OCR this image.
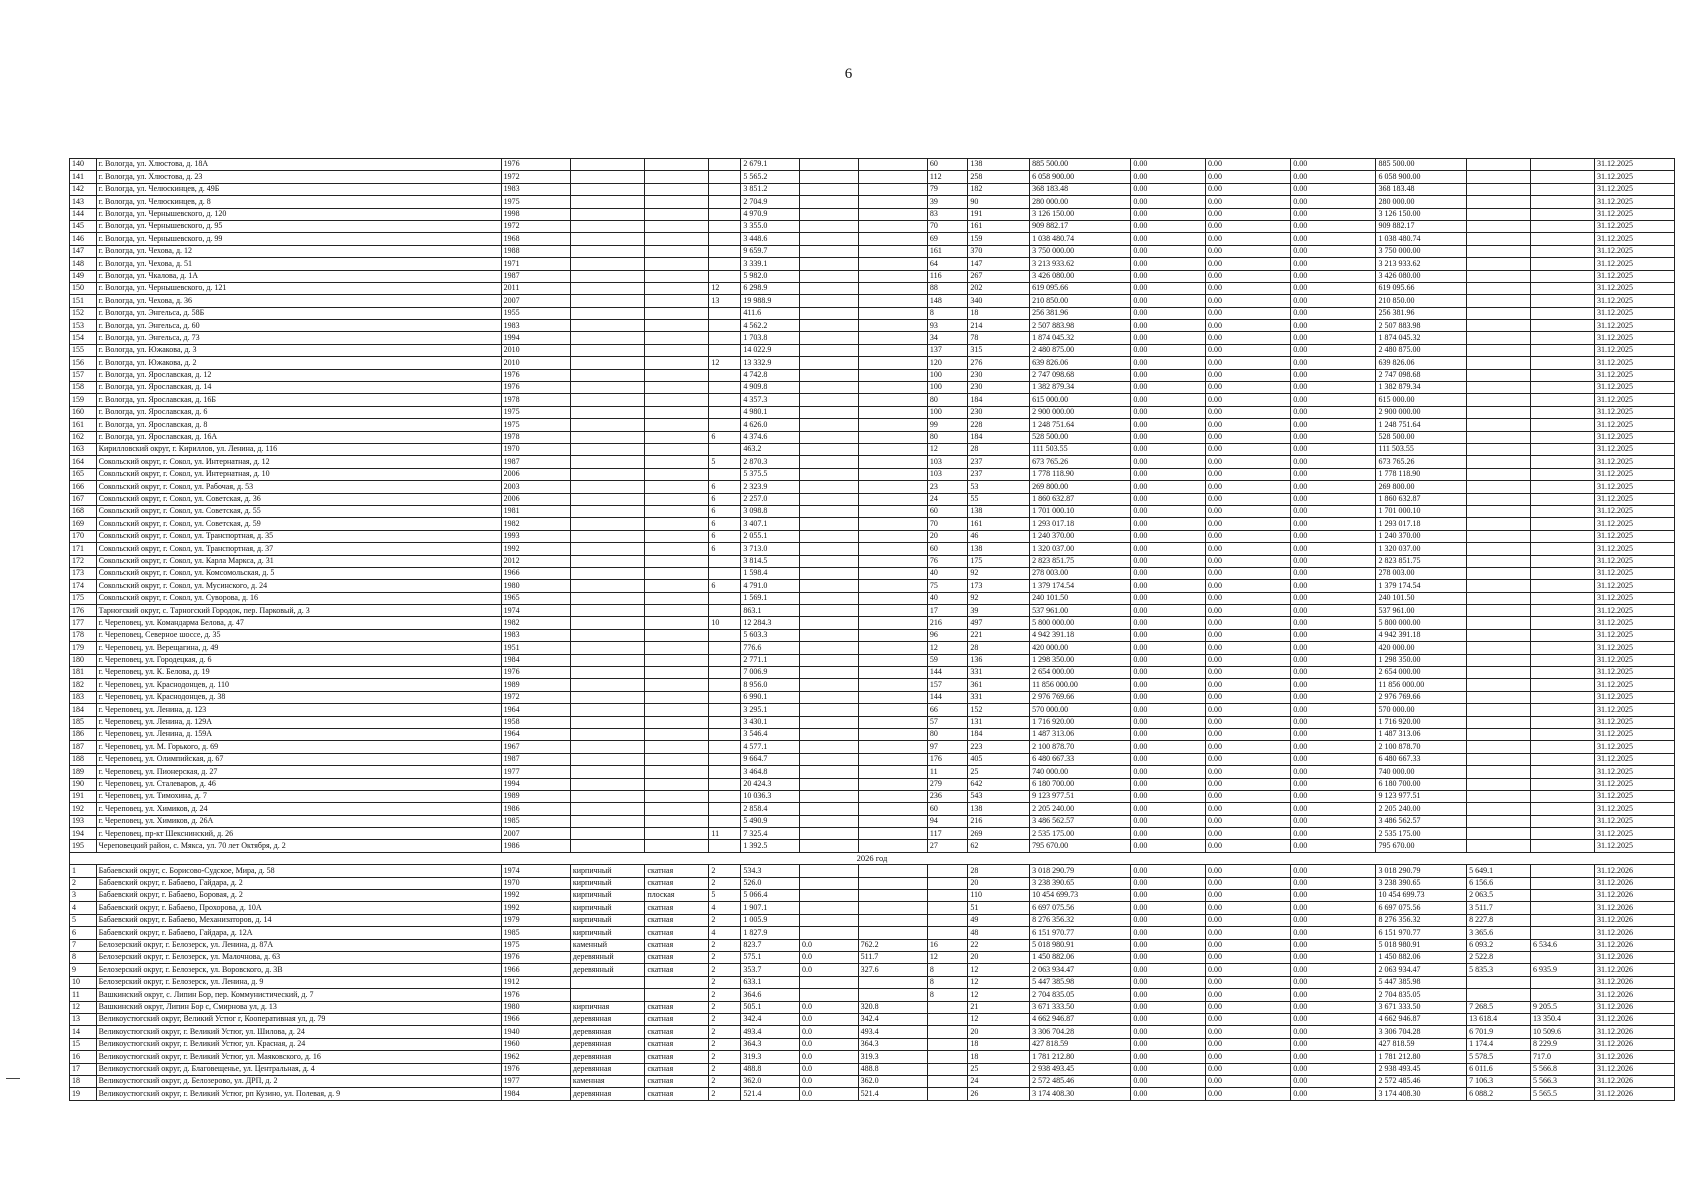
6
140	г. Вологда, ул. Хлюстова, д. 18А	1976				2 679.1			60	138	885 500.00	0.00	0.00	0.00	885 500.00			31.12.2025
141	г. Вологда, ул. Хлюстова, д. 23	1972				5 565.2			112	258	6 058 900.00	0.00	0.00	0.00	6 058 900.00			31.12.2025
142	г. Вологда, ул. Челюскинцев, д. 49Б	1983				3 851.2			79	182	368 183.48	0.00	0.00	0.00	368 183.48			31.12.2025
143	г. Вологда, ул. Челюскинцев, д. 8	1975				2 704.9			39	90	280 000.00	0.00	0.00	0.00	280 000.00			31.12.2025
144	г. Вологда, ул. Чернышевского, д. 120	1998				4 970.9			83	191	3 126 150.00	0.00	0.00	0.00	3 126 150.00			31.12.2025
145	г. Вологда, ул. Чернышевского, д. 95	1972				3 355.0			70	161	909 882.17	0.00	0.00	0.00	909 882.17			31.12.2025
146	г. Вологда, ул. Чернышевского, д. 99	1968				3 448.6			69	159	1 038 480.74	0.00	0.00	0.00	1 038 480.74			31.12.2025
147	г. Вологда, ул. Чехова, д. 12	1988				9 659.7			161	370	3 750 000.00	0.00	0.00	0.00	3 750 000.00			31.12.2025
148	г. Вологда, ул. Чехова, д. 51	1971				3 339.1			64	147	3 213 933.62	0.00	0.00	0.00	3 213 933.62			31.12.2025
149	г. Вологда, ул. Чкалова, д. 1А	1987				5 982.0			116	267	3 426 080.00	0.00	0.00	0.00	3 426 080.00			31.12.2025
150	г. Вологда, ул. Чернышевского, д. 121	2011			12	6 298.9			88	202	619 095.66	0.00	0.00	0.00	619 095.66			31.12.2025
151	г. Вологда, ул. Чехова, д. 36	2007			13	19 988.9			148	340	210 850.00	0.00	0.00	0.00	210 850.00			31.12.2025
152	г. Вологда, ул. Энгельса, д. 58Б	1955				411.6			8	18	256 381.96	0.00	0.00	0.00	256 381.96			31.12.2025
153	г. Вологда, ул. Энгельса, д. 60	1983				4 562.2			93	214	2 507 883.98	0.00	0.00	0.00	2 507 883.98			31.12.2025
154	г. Вологда, ул. Энгельса, д. 73	1994				1 703.8			34	78	1 874 045.32	0.00	0.00	0.00	1 874 045.32			31.12.2025
155	г. Вологда, ул. Южакова, д. 3	2010				14 022.9			137	315	2 480 875.00	0.00	0.00	0.00	2 480 875.00			31.12.2025
156	г. Вологда, ул. Южакова, д. 2	2010			12	13 332.9			120	276	639 826.06	0.00	0.00	0.00	639 826.06			31.12.2025
157	г. Вологда, ул. Ярославская, д. 12	1976				4 742.8			100	230	2 747 098.68	0.00	0.00	0.00	2 747 098.68			31.12.2025
158	г. Вологда, ул. Ярославская, д. 14	1976				4 909.8			100	230	1 382 879.34	0.00	0.00	0.00	1 382 879.34			31.12.2025
159	г. Вологда, ул. Ярославская, д. 16Б	1978				4 357.3			80	184	615 000.00	0.00	0.00	0.00	615 000.00			31.12.2025
160	г. Вологда, ул. Ярославская, д. 6	1975				4 980.1			100	230	2 900 000.00	0.00	0.00	0.00	2 900 000.00			31.12.2025
161	г. Вологда, ул. Ярославская, д. 8	1975				4 626.0			99	228	1 248 751.64	0.00	0.00	0.00	1 248 751.64			31.12.2025
162	г. Вологда, ул. Ярославская, д. 16А	1978			6	4 374.6			80	184	528 500.00	0.00	0.00	0.00	528 500.00			31.12.2025
163	Кирилловский округ, г. Кириллов, ул. Ленина, д. 116	1970				463.2			12	28	111 503.55	0.00	0.00	0.00	111 503.55			31.12.2025
164	Сокольский округ, г. Сокол, ул. Интернатная, д. 12	1987			5	2 870.3			103	237	673 765.26	0.00	0.00	0.00	673 765.26			31.12.2025
165	Сокольский округ, г. Сокол, ул. Интернатная, д. 10	2006				5 375.5			103	237	1 778 118.90	0.00	0.00	0.00	1 778 118.90			31.12.2025
166	Сокольский округ, г. Сокол, ул. Рабочая, д. 53	2003			6	2 323.9			23	53	269 800.00	0.00	0.00	0.00	269 800.00			31.12.2025
167	Сокольский округ, г. Сокол, ул. Советская, д. 36	2006			6	2 257.0			24	55	1 860 632.87	0.00	0.00	0.00	1 860 632.87			31.12.2025
168	Сокольский округ, г. Сокол, ул. Советская, д. 55	1981			6	3 098.8			60	138	1 701 000.10	0.00	0.00	0.00	1 701 000.10			31.12.2025
169	Сокольский округ, г. Сокол, ул. Советская, д. 59	1982			6	3 407.1			70	161	1 293 017.18	0.00	0.00	0.00	1 293 017.18			31.12.2025
170	Сокольский округ, г. Сокол, ул. Транспортная, д. 35	1993			6	2 055.1			20	46	1 240 370.00	0.00	0.00	0.00	1 240 370.00			31.12.2025
171	Сокольский округ, г. Сокол, ул. Транспортная, д. 37	1992			6	3 713.0			60	138	1 320 037.00	0.00	0.00	0.00	1 320 037.00			31.12.2025
172	Сокольский округ, г. Сокол, ул. Карла Маркса, д. 31	2012				3 814.5			76	175	2 823 851.75	0.00	0.00	0.00	2 823 851.75			31.12.2025
173	Сокольский округ, г. Сокол, ул. Комсомольская, д. 5	1966				1 598.4			40	92	278 003.00	0.00	0.00	0.00	278 003.00			31.12.2025
174	Сокольский округ, г. Сокол, ул. Мусинского, д. 24	1980			6	4 791.0			75	173	1 379 174.54	0.00	0.00	0.00	1 379 174.54			31.12.2025
175	Сокольский округ, г. Сокол, ул. Суворова, д. 16	1965				1 569.1			40	92	240 101.50	0.00	0.00	0.00	240 101.50			31.12.2025
176	Тарногский округ, с. Тарногский Городок, пер. Парковый, д. 3	1974				863.1			17	39	537 961.00	0.00	0.00	0.00	537 961.00			31.12.2025
177	г. Череповец, ул. Командарма Белова, д. 47	1982			10	12 284.3			216	497	5 800 000.00	0.00	0.00	0.00	5 800 000.00			31.12.2025
178	г. Череповец, Северное шоссе, д. 35	1983				5 603.3			96	221	4 942 391.18	0.00	0.00	0.00	4 942 391.18			31.12.2025
179	г. Череповец, ул. Верещагина, д. 49	1951				776.6			12	28	420 000.00	0.00	0.00	0.00	420 000.00			31.12.2025
180	г. Череповец, ул. Городецкая, д. 6	1984				2 771.1			59	136	1 298 350.00	0.00	0.00	0.00	1 298 350.00			31.12.2025
181	г. Череповец, ул. К. Белова, д. 19	1976				7 006.9			144	331	2 654 000.00	0.00	0.00	0.00	2 654 000.00			31.12.2025
182	г. Череповец, ул. Краснодонцев, д. 110	1989				8 956.0			157	361	11 856 000.00	0.00	0.00	0.00	11 856 000.00			31.12.2025
183	г. Череповец, ул. Краснодонцев, д. 38	1972				6 990.1			144	331	2 976 769.66	0.00	0.00	0.00	2 976 769.66			31.12.2025
184	г. Череповец, ул. Ленина, д. 123	1964				3 295.1			66	152	570 000.00	0.00	0.00	0.00	570 000.00			31.12.2025
185	г. Череповец, ул. Ленина, д. 129А	1958				3 430.1			57	131	1 716 920.00	0.00	0.00	0.00	1 716 920.00			31.12.2025
186	г. Череповец, ул. Ленина, д. 159А	1964				3 546.4			80	184	1 487 313.06	0.00	0.00	0.00	1 487 313.06			31.12.2025
187	г. Череповец, ул. М. Горького, д. 69	1967				4 577.1			97	223	2 100 878.70	0.00	0.00	0.00	2 100 878.70			31.12.2025
188	г. Череповец, ул. Олимпийская, д. 67	1987				9 664.7			176	405	6 480 667.33	0.00	0.00	0.00	6 480 667.33			31.12.2025
189	г. Череповец, ул. Пионерская, д. 27	1977				3 464.8			11	25	740 000.00	0.00	0.00	0.00	740 000.00			31.12.2025
190	г. Череповец, ул. Сталеваров, д. 46	1994				20 424.3			279	642	6 180 700.00	0.00	0.00	0.00	6 180 700.00			31.12.2025
191	г. Череповец, ул. Тимохина, д. 7	1989				10 036.3			236	543	9 123 977.51	0.00	0.00	0.00	9 123 977.51			31.12.2025
192	г. Череповец, ул. Химиков, д. 24	1986				2 858.4			60	138	2 205 240.00	0.00	0.00	0.00	2 205 240.00			31.12.2025
193	г. Череповец, ул. Химиков, д. 26А	1985				5 490.9			94	216	3 486 562.57	0.00	0.00	0.00	3 486 562.57			31.12.2025
194	г. Череповец, пр-кт Шекснинский, д. 26	2007			11	7 325.4			117	269	2 535 175.00	0.00	0.00	0.00	2 535 175.00			31.12.2025
195	Череповецкий район, с. Мякса, ул. 70 лет Октября, д. 2	1986				1 392.5			27	62	795 670.00	0.00	0.00	0.00	795 670.00			31.12.2025
2026 год																		
1	Бабаевский округ, с. Борисово-Судское, Мира, д. 58	1974	кирпичный	скатная	2	534.3				28	3 018 290.79	0.00	0.00	0.00	3 018 290.79	5 649.1		31.12.2026
2	Бабаевский округ, г. Бабаево, Гайдара, д. 2	1970	кирпичный	скатная	2	526.0				20	3 238 390.65	0.00	0.00	0.00	3 238 390.65	6 156.6		31.12.2026
3	Бабаевский округ, г. Бабаево, Боровая, д. 2	1992	кирпичный	плоская	5	5 066.4				110	10 454 699.73	0.00	0.00	0.00	10 454 699.73	2 063.5		31.12.2026
4	Бабаевский округ, г. Бабаево, Прохорова, д. 10А	1992	кирпичный	скатная	4	1 907.1				51	6 697 075.56	0.00	0.00	0.00	6 697 075.56	3 511.7		31.12.2026
5	Бабаевский округ, г. Бабаево, Механизаторов, д. 14	1979	кирпичный	скатная	2	1 005.9				49	8 276 356.32	0.00	0.00	0.00	8 276 356.32	8 227.8		31.12.2026
6	Бабаевский округ, г. Бабаево, Гайдара, д. 12А	1985	кирпичный	скатная	4	1 827.9				48	6 151 970.77	0.00	0.00	0.00	6 151 970.77	3 365.6		31.12.2026
7	Белозерский округ, г. Белозерск, ул. Ленина, д. 87А	1975	каменный	скатная	2	823.7	0.0	762.2	16	22	5 018 980.91	0.00	0.00	0.00	5 018 980.91	6 093.2	6 534.6	31.12.2026
8	Белозерский округ, г. Белозерск, ул. Малочнова, д. 63	1976	деревянный	скатная	2	575.1	0.0	511.7	12	20	1 450 882.06	0.00	0.00	0.00	1 450 882.06	2 522.8		31.12.2026
9	Белозерский округ, г. Белозерск, ул. Воровского, д. 3В	1966	деревянный	скатная	2	353.7	0.0	327.6	8	12	2 063 934.47	0.00	0.00	0.00	2 063 934.47	5 835.3	6 935.9	31.12.2026
10	Белозерский округ, г. Белозерск, ул. Ленина, д. 9	1912			2	633.1			8	12	5 447 385.98	0.00	0.00	0.00	5 447 385.98			31.12.2026
11	Вашкинский округ, с. Липин Бор, пер. Коммунистический, д. 7	1976			2	364.6			8	12	2 704 835.05	0.00	0.00	0.00	2 704 835.05			31.12.2026
12	Вашкинский округ, Липин Бор с, Смирнова ул, д. 13	1980	кирпичная	скатная	2	505.1	0.0	320.8		21	3 671 333.50	0.00	0.00	0.00	3 671 333.50	7 268.5	9 205.5	31.12.2026
13	Великоустюгский округ, Великий Устюг г, Кооперативная ул, д. 79	1966	деревянная	скатная	2	342.4	0.0	342.4		12	4 662 946.87	0.00	0.00	0.00	4 662 946.87	13 618.4	13 350.4	31.12.2026
14	Великоустюгский округ, г. Великий Устюг, ул. Шилова, д. 24	1940	деревянная	скатная	2	493.4	0.0	493.4		20	3 306 704.28	0.00	0.00	0.00	3 306 704.28	6 701.9	10 509.6	31.12.2026
15	Великоустюгский округ, г. Великий Устюг, ул. Красная, д. 24	1960	деревянная	скатная	2	364.3	0.0	364.3		18	427 818.59	0.00	0.00	0.00	427 818.59	1 174.4	8 229.9	31.12.2026
16	Великоустюгский округ, г. Великий Устюг, ул. Маяковского, д. 16	1962	деревянная	скатная	2	319.3	0.0	319.3		18	1 781 212.80	0.00	0.00	0.00	1 781 212.80	5 578.5	717.0	31.12.2026
17	Великоустюгский округ, д. Благовещенье, ул. Центральная, д. 4	1976	деревянная	скатная	2	488.8	0.0	488.8		25	2 938 493.45	0.00	0.00	0.00	2 938 493.45	6 011.6	5 566.8	31.12.2026
18	Великоустюгский округ, д. Белозерово, ул. ДРП, д. 2	1977	каменная	скатная	2	362.0	0.0	362.0		24	2 572 485.46	0.00	0.00	0.00	2 572 485.46	7 106.3	5 566.3	31.12.2026
19	Великоустюгский округ, г. Великий Устюг, рп Кузино, ул. Полевая, д. 9	1984	деревянная	скатная	2	521.4	0.0	521.4		26	3 174 408.30	0.00	0.00	0.00	3 174 408.30	6 088.2	5 565.5	31.12.2026
